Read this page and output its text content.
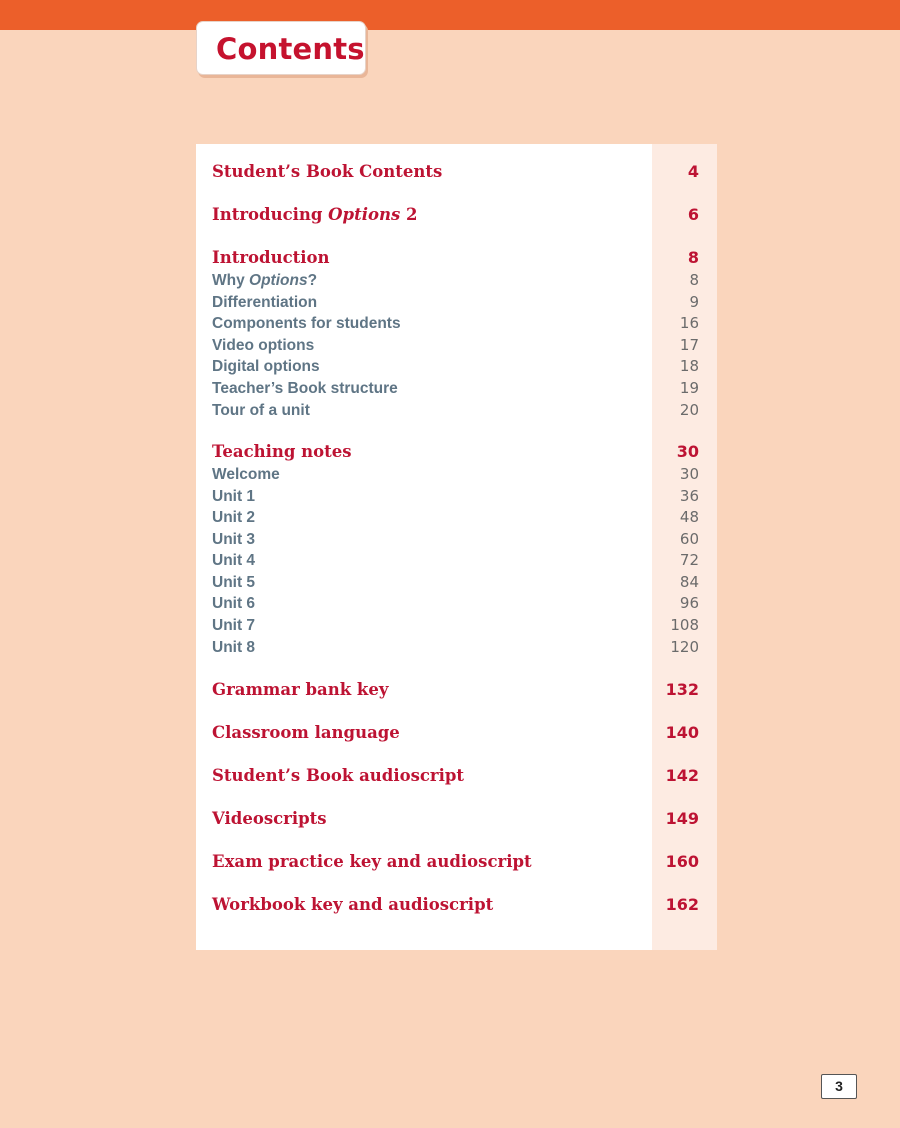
Contents
Student’s Book Contents	4
Introducing Options 2	6
Introduction	8
Why Options?	8
Differentiation	9
Components for students	16
Video options	17
Digital options	18
Teacher’s Book structure	19
Tour of a unit	20
Teaching notes	30
Welcome	30
Unit 1	36
Unit 2	48
Unit 3	60
Unit 4	72
Unit 5	84
Unit 6	96
Unit 7	108
Unit 8	120
Grammar bank key	132
Classroom language	140
Student’s Book audioscript	142
Videoscripts	149
Exam practice key and audioscript	160
Workbook key and audioscript	162
3
